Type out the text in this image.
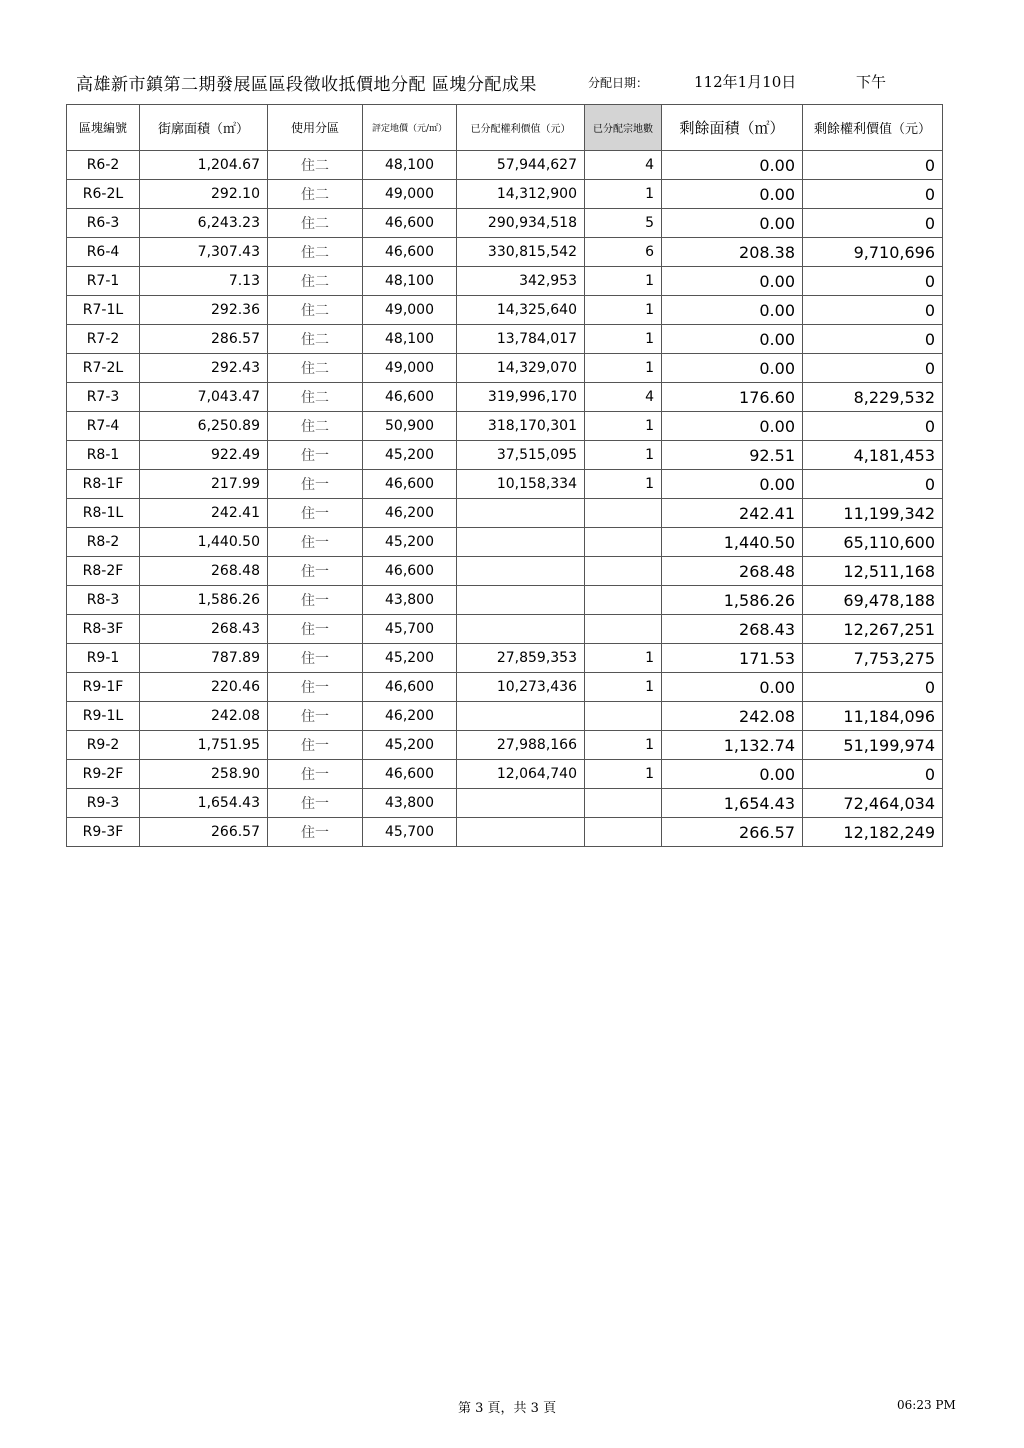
高雄新市鎮第二期發展區區段徵收抵價地分配 區塊分配成果	分配日期：	112年1月10日	下午
區塊編號	街廓面積（㎡）	使用分區	評定地價（元/㎡）	已分配權利價值（元）	已分配宗地數	剩餘面積（㎡）	剩餘權利價值（元）
R6-2	1,204.67	住二	48,100	57,944,627	4	0.00	0
R6-2L	292.10	住二	49,000	14,312,900	1	0.00	0
R6-3	6,243.23	住二	46,600	290,934,518	5	0.00	0
R6-4	7,307.43	住二	46,600	330,815,542	6	208.38	9,710,696
R7-1	7.13	住二	48,100	342,953	1	0.00	0
R7-1L	292.36	住二	49,000	14,325,640	1	0.00	0
R7-2	286.57	住二	48,100	13,784,017	1	0.00	0
R7-2L	292.43	住二	49,000	14,329,070	1	0.00	0
R7-3	7,043.47	住二	46,600	319,996,170	4	176.60	8,229,532
R7-4	6,250.89	住二	50,900	318,170,301	1	0.00	0
R8-1	922.49	住一	45,200	37,515,095	1	92.51	4,181,453
R8-1F	217.99	住一	46,600	10,158,334	1	0.00	0
R8-1L	242.41	住一	46,200			242.41	11,199,342
R8-2	1,440.50	住一	45,200			1,440.50	65,110,600
R8-2F	268.48	住一	46,600			268.48	12,511,168
R8-3	1,586.26	住一	43,800			1,586.26	69,478,188
R8-3F	268.43	住一	45,700			268.43	12,267,251
R9-1	787.89	住一	45,200	27,859,353	1	171.53	7,753,275
R9-1F	220.46	住一	46,600	10,273,436	1	0.00	0
R9-1L	242.08	住一	46,200			242.08	11,184,096
R9-2	1,751.95	住一	45,200	27,988,166	1	1,132.74	51,199,974
R9-2F	258.90	住一	46,600	12,064,740	1	0.00	0
R9-3	1,654.43	住一	43,800			1,654.43	72,464,034
R9-3F	266.57	住一	45,700			266.57	12,182,249
第 3 頁，共 3 頁	06:23 PM
